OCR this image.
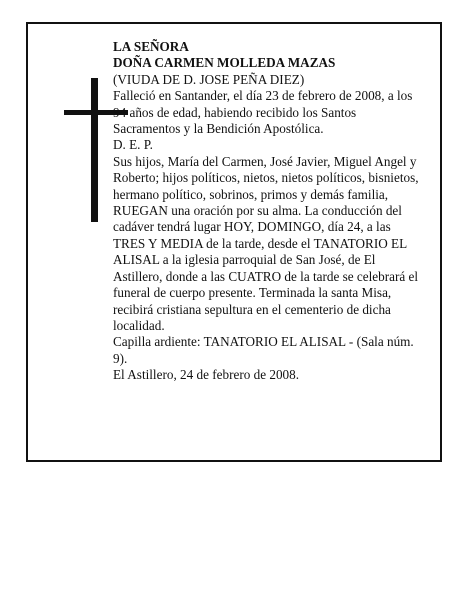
LA SEÑORA

DOÑA CARMEN MOLLEDA MAZAS

(VIUDA DE D. JOSE PEÑA DIEZ)

Falleció en Santander, el día 23 de febrero de 2008, a los 94 años de edad, habiendo recibido los Santos Sacramentos y la Bendición Apostólica.

D. E. P.

Sus hijos, María del Carmen, José Javier, Miguel Angel y Roberto; hijos políticos, nietos, nietos políticos, bisnietos, hermano político, sobrinos, primos y demás familia,

RUEGAN una oración por su alma. La conducción del cadáver tendrá lugar HOY, DOMINGO, día 24, a las TRES Y MEDIA de la tarde, desde el TANATORIO EL ALISAL a la iglesia parroquial de San José, de El Astillero, donde a las CUATRO de la tarde se celebrará el funeral de cuerpo presente. Terminada la santa Misa, recibirá cristiana sepultura en el cementerio de dicha localidad.

Capilla ardiente: TANATORIO EL ALISAL - (Sala núm. 9).

El Astillero, 24 de febrero de 2008.
